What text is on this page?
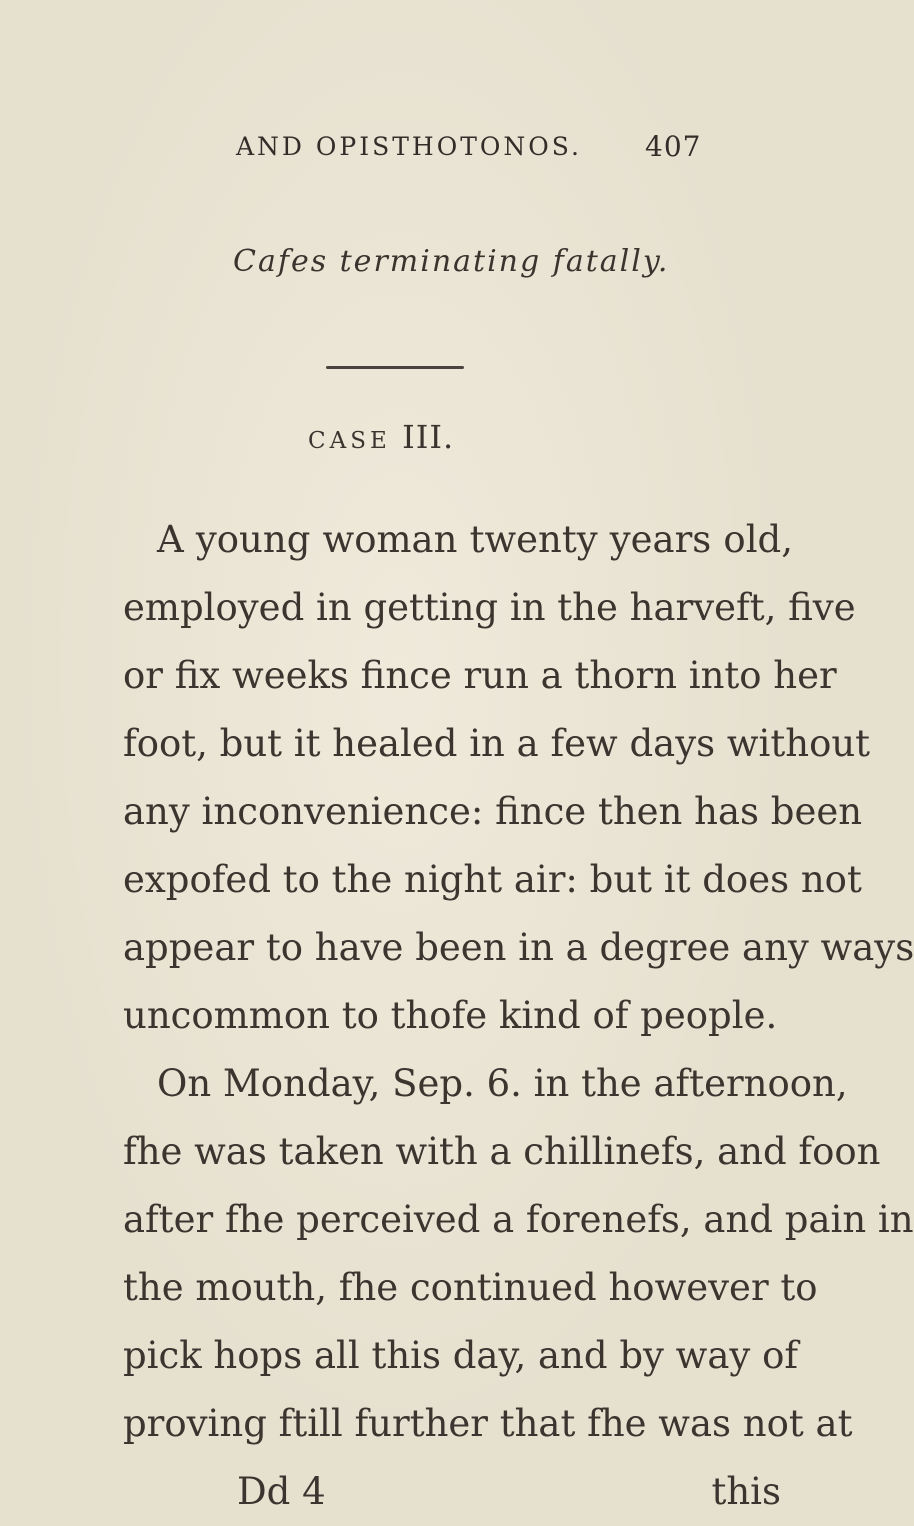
AND OPISTHOTONOS. 407
Cafes terminating fatally.
CASE III.
A young woman twenty years old,
employed in getting in the harveft, five
or fix weeks fince run a thorn into her
foot, but it healed in a few days without
any inconvenience: fince then has been
expofed to the night air: but it does not
appear to have been in a degree any ways
uncommon to thofe kind of people.
On Monday, Sep. 6. in the afternoon,
fhe was taken with a chillinefs, and foon
after fhe perceived a forenefs, and pain in
the mouth, fhe continued however to
pick hops all this day, and by way of
proving ftill further that fhe was not at
Dd 4	this
